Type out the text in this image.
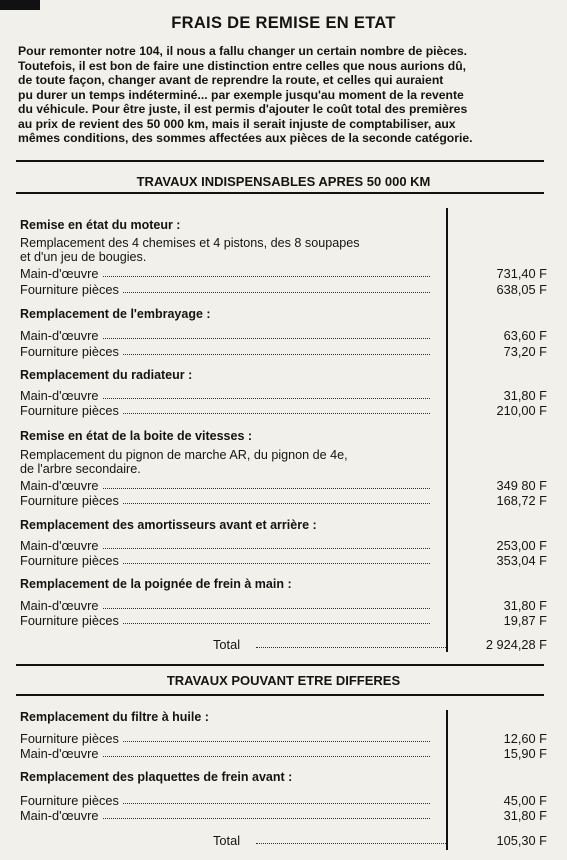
FRAIS DE REMISE EN ETAT

Pour remonter notre 104, il nous a fallu changer un certain nombre de pièces.
Toutefois, il est bon de faire une distinction entre celles que nous aurions dû,
de toute façon, changer avant de reprendre la route, et celles qui auraient
pu durer un temps indéterminé... par exemple jusqu'au moment de la revente
du véhicule. Pour être juste, il est permis d'ajouter le coût total des premières
au prix de revient des 50 000 km, mais il serait injuste de comptabiliser, aux
mêmes conditions, des sommes affectées aux pièces de la seconde catégorie.

TRAVAUX INDISPENSABLES APRES 50 000 KM
Remise en état du moteur :
Remplacement des 4 chemises et 4 pistons, des 8 soupapes
et d'un jeu de bougies.
Main-d'œuvre	731,40 F
Fourniture pièces	638,05 F
Remplacement de l'embrayage :
Main-d'œuvre	63,60 F
Fourniture pièces	73,20 F
Remplacement du radiateur :
Main-d'œuvre	31,80 F
Fourniture pièces	210,00 F
Remise en état de la boite de vitesses :
Remplacement du pignon de marche AR, du pignon de 4e,
de l'arbre secondaire.
Main-d'œuvre	349 80 F
Fourniture pièces	168,72 F
Remplacement des amortisseurs avant et arrière :
Main-d'œuvre	253,00 F
Fourniture pièces	353,04 F
Remplacement de la poignée de frein à main :
Main-d'œuvre	31,80 F
Fourniture pièces	19,87 F
Total	2 924,28 F
TRAVAUX POUVANT ETRE DIFFERES
Remplacement du filtre à huile :
Fourniture pièces	12,60 F
Main-d'œuvre	15,90 F
Remplacement des plaquettes de frein avant :
Fourniture pièces	45,00 F
Main-d'œuvre	31,80 F
Total	105,30 F
